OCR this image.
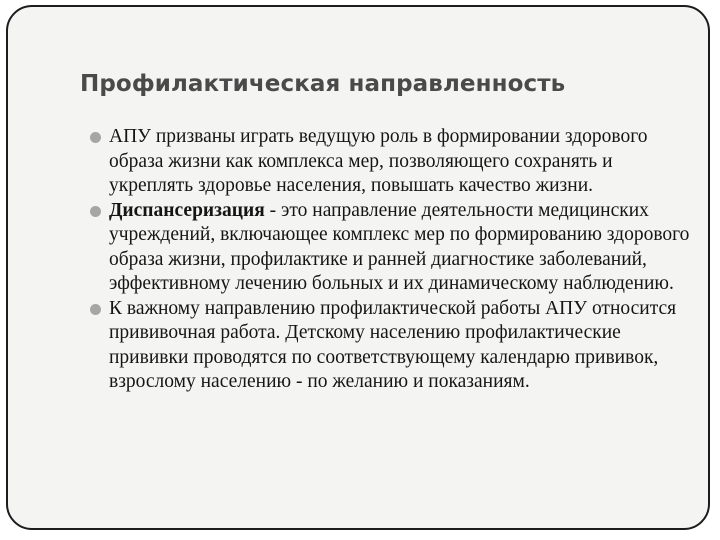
Профилактическая направленность
АПУ призваны играть ведущую роль в формировании здорового образа жизни как комплекса мер, позволяющего сохранять и укреплять здоровье населения, повышать качество жизни.
Диспансеризация - это направление деятельности медицинских учреждений, включающее комплекс мер по формированию здорового образа жизни, профилактике и ранней диагностике заболеваний, эффективному лечению больных и их динамическому наблюдению.
К важному направлению профилактической работы АПУ относится прививочная работа. Детскому населению профилактические прививки проводятся по соответствующему календарю прививок, взрослому населению - по желанию и показаниям.
